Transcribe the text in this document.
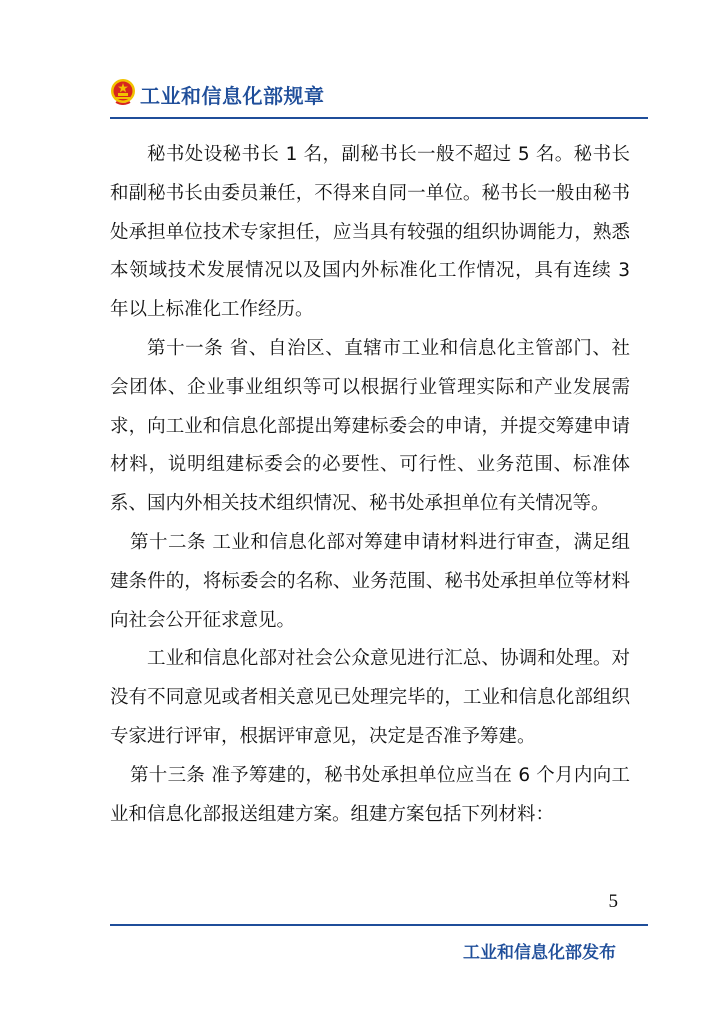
工业和信息化部规章

秘书处设秘书长 1 名，副秘书长一般不超过 5 名。秘书长和副秘书长由委员兼任，不得来自同一单位。秘书长一般由秘书处承担单位技术专家担任，应当具有较强的组织协调能力，熟悉本领域技术发展情况以及国内外标准化工作情况，具有连续 3 年以上标准化工作经历。

第十一条 省、自治区、直辖市工业和信息化主管部门、社会团体、企业事业组织等可以根据行业管理实际和产业发展需求，向工业和信息化部提出筹建标委会的申请，并提交筹建申请材料，说明组建标委会的必要性、可行性、业务范围、标准体系、国内外相关技术组织情况、秘书处承担单位有关情况等。

第十二条 工业和信息化部对筹建申请材料进行审查，满足组建条件的，将标委会的名称、业务范围、秘书处承担单位等材料向社会公开征求意见。

工业和信息化部对社会公众意见进行汇总、协调和处理。对没有不同意见或者相关意见已处理完毕的，工业和信息化部组织专家进行评审，根据评审意见，决定是否准予筹建。

第十三条 准予筹建的，秘书处承担单位应当在 6 个月内向工业和信息化部报送组建方案。组建方案包括下列材料：

5
工业和信息化部发布
